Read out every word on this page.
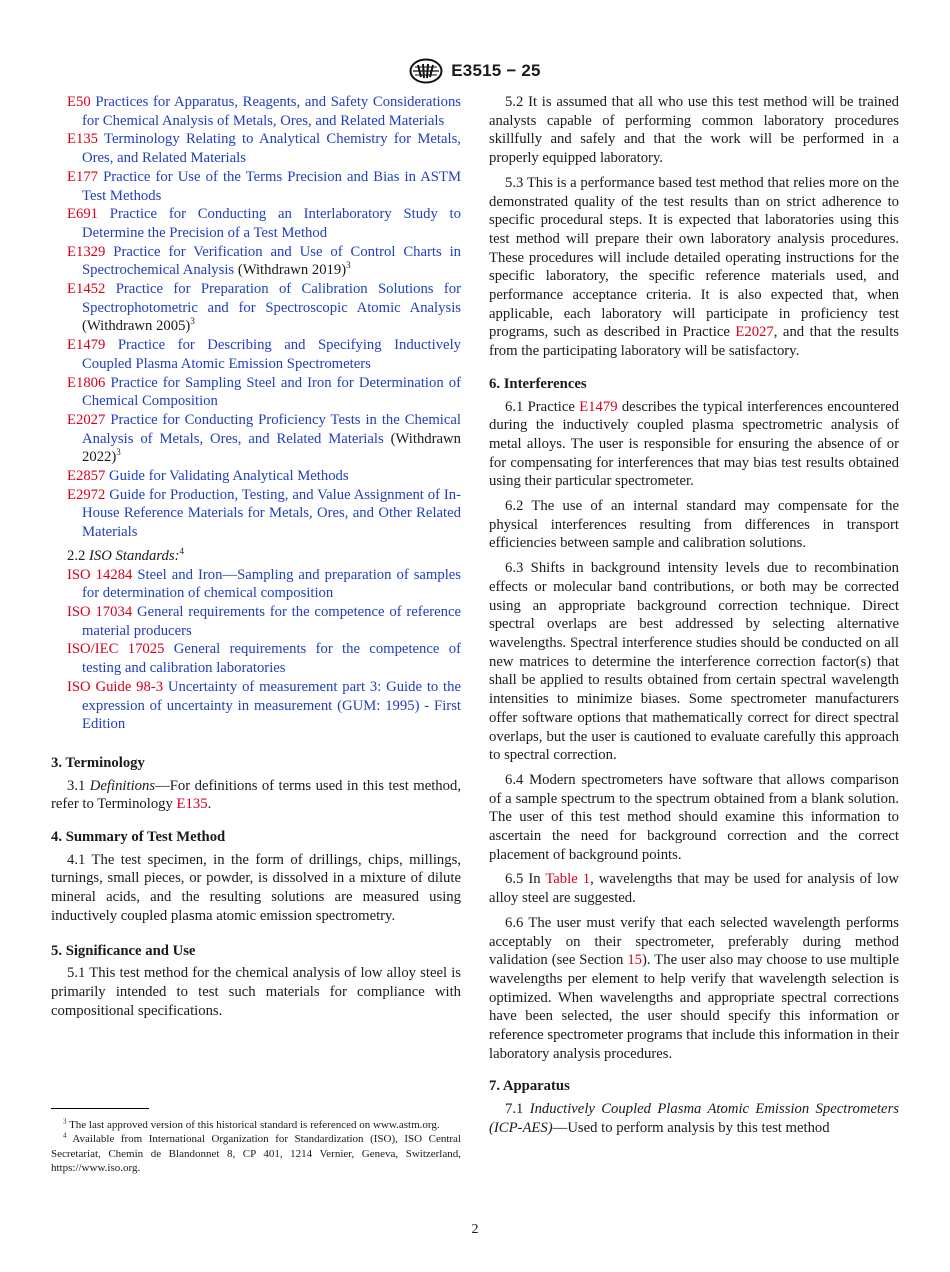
E3515 − 25

E50 Practices for Apparatus, Reagents, and Safety Considerations for Chemical Analysis of Metals, Ores, and Related Materials

E135 Terminology Relating to Analytical Chemistry for Metals, Ores, and Related Materials

E177 Practice for Use of the Terms Precision and Bias in ASTM Test Methods

E691 Practice for Conducting an Interlaboratory Study to Determine the Precision of a Test Method

E1329 Practice for Verification and Use of Control Charts in Spectrochemical Analysis (Withdrawn 2019)$^3$

E1452 Practice for Preparation of Calibration Solutions for Spectrophotometric and for Spectroscopic Atomic Analysis (Withdrawn 2005)$^3$

E1479 Practice for Describing and Specifying Inductively Coupled Plasma Atomic Emission Spectrometers

E1806 Practice for Sampling Steel and Iron for Determination of Chemical Composition

E2027 Practice for Conducting Proficiency Tests in the Chemical Analysis of Metals, Ores, and Related Materials (Withdrawn 2022)$^3$

E2857 Guide for Validating Analytical Methods

E2972 Guide for Production, Testing, and Value Assignment of In-House Reference Materials for Metals, Ores, and Other Related Materials

2.2 ISO Standards:$^4$

ISO 14284 Steel and Iron—Sampling and preparation of samples for determination of chemical composition

ISO 17034 General requirements for the competence of reference material producers

ISO/IEC 17025 General requirements for the competence of testing and calibration laboratories

ISO Guide 98-3 Uncertainty of measurement part 3: Guide to the expression of uncertainty in measurement (GUM: 1995) - First Edition

3. Terminology

3.1 Definitions—For definitions of terms used in this test method, refer to Terminology E135.

4. Summary of Test Method

4.1 The test specimen, in the form of drillings, chips, millings, turnings, small pieces, or powder, is dissolved in a mixture of dilute mineral acids, and the resulting solutions are measured using inductively coupled plasma atomic emission spectrometry.

5. Significance and Use

5.1 This test method for the chemical analysis of low alloy steel is primarily intended to test such materials for compliance with compositional specifications.

5.2 It is assumed that all who use this test method will be trained analysts capable of performing common laboratory procedures skillfully and safely and that the work will be performed in a properly equipped laboratory.

5.3 This is a performance based test method that relies more on the demonstrated quality of the test results than on strict adherence to specific procedural steps. It is expected that laboratories using this test method will prepare their own laboratory analysis procedures. These procedures will include detailed operating instructions for the specific laboratory, the specific reference materials used, and performance acceptance criteria. It is also expected that, when applicable, each laboratory will participate in proficiency test programs, such as described in Practice E2027, and that the results from the participating laboratory will be satisfactory.

6. Interferences

6.1 Practice E1479 describes the typical interferences encountered during the inductively coupled plasma spectrometric analysis of metal alloys. The user is responsible for ensuring the absence of or for compensating for interferences that may bias test results obtained using their particular spectrometer.

6.2 The use of an internal standard may compensate for the physical interferences resulting from differences in transport efficiencies between sample and calibration solutions.

6.3 Shifts in background intensity levels due to recombination effects or molecular band contributions, or both may be corrected using an appropriate background correction technique. Direct spectral overlaps are best addressed by selecting alternative wavelengths. Spectral interference studies should be conducted on all new matrices to determine the interference correction factor(s) that shall be applied to results obtained from certain spectral wavelength intensities to minimize biases. Some spectrometer manufacturers offer software options that mathematically correct for direct spectral overlaps, but the user is cautioned to evaluate carefully this approach to spectral correction.

6.4 Modern spectrometers have software that allows comparison of a sample spectrum to the spectrum obtained from a blank solution. The user of this test method should examine this information to ascertain the need for background correction and the correct placement of background points.

6.5 In Table 1, wavelengths that may be used for analysis of low alloy steel are suggested.

6.6 The user must verify that each selected wavelength performs acceptably on their spectrometer, preferably during method validation (see Section 15). The user also may choose to use multiple wavelengths per element to help verify that wavelength selection is optimized. When wavelengths and appropriate spectral corrections have been selected, the user should specify this information or reference spectrometer programs that include this information in their laboratory analysis procedures.

7. Apparatus

7.1 Inductively Coupled Plasma Atomic Emission Spectrometers (ICP-AES)—Used to perform analysis by this test method

$^3$ The last approved version of this historical standard is referenced on www.astm.org.

$^4$ Available from International Organization for Standardization (ISO), ISO Central Secretariat, Chemin de Blandonnet 8, CP 401, 1214 Vernier, Geneva, Switzerland, https://www.iso.org.

2
